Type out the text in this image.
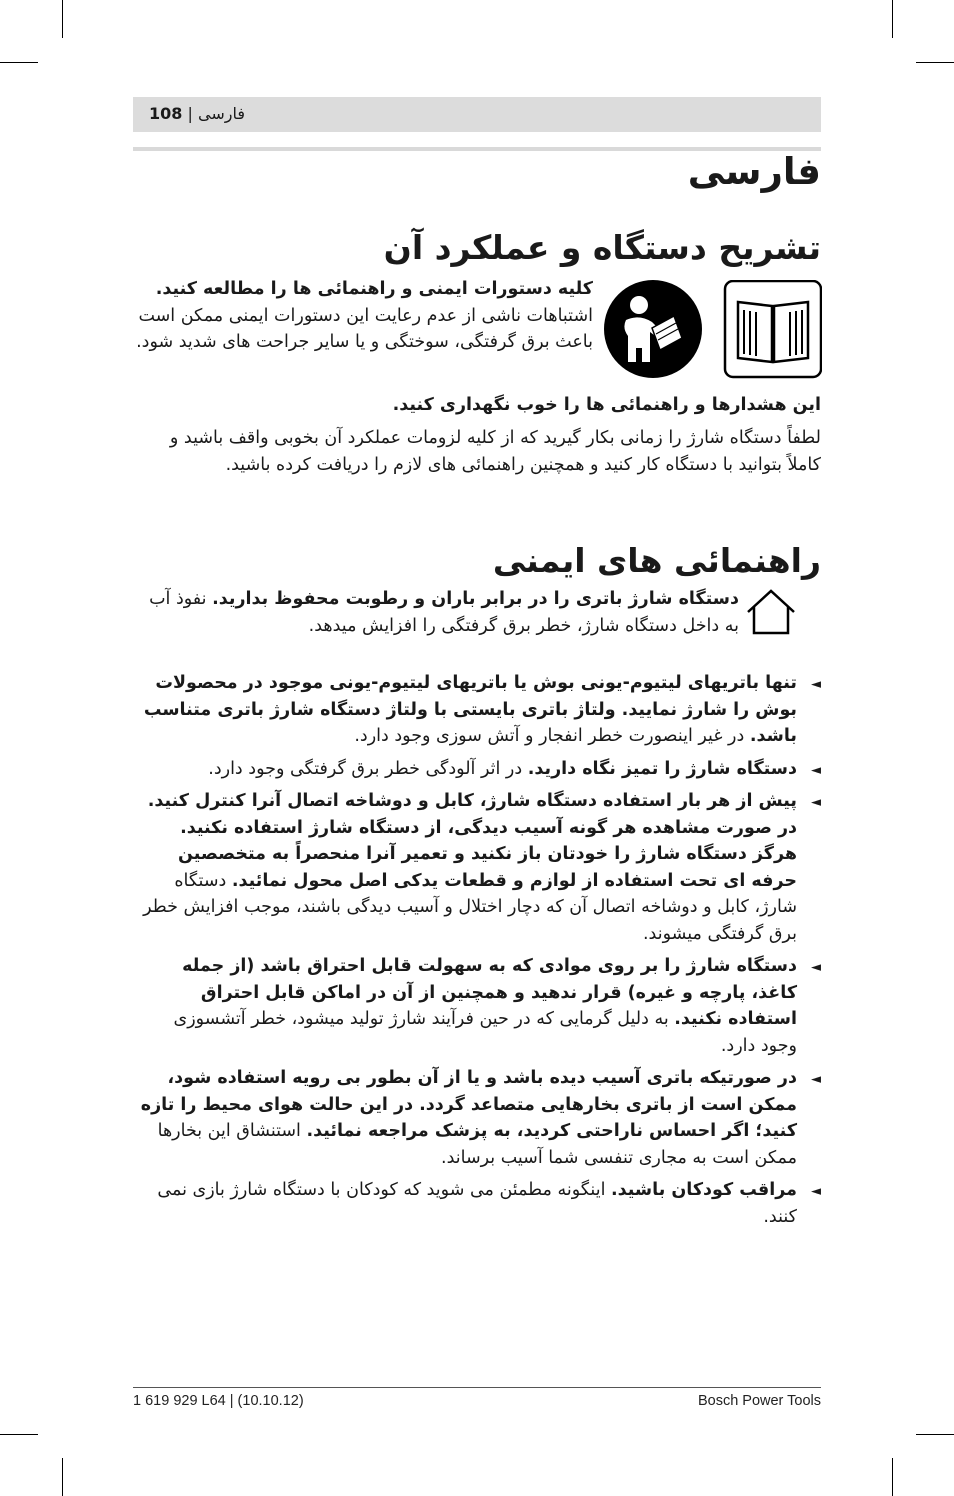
108 | فارسی
فارسی
تشریح دستگاه و عملکرد آن

کلیه دستورات ایمنی و راهنمائی ها را مطالعه کنید. اشتباهات ناشی از عدم رعایت این دستورات ایمنی ممکن است باعث برق گرفتگی، سوختگی و یا سایر جراحت های شدید شود.

این هشدارها و راهنمائی ها را خوب نگهداری کنید.

لطفاً دستگاه شارژ را زمانی بکار گیرید که از کلیه لزومات عملکرد آن بخوبی واقف باشید و کاملاً بتوانید با دستگاه کار کنید و همچنین راهنمائی های لازم را دریافت کرده باشید.

راهنمائی های ایمنی

دستگاه شارژ باتری را در برابر باران و رطوبت محفوظ بدارید. نفوذ آب به داخل دستگاه شارژ، خطر برق گرفتگی را افزایش میدهد.

◄
تنها باتریهای لیتیوم-یونی بوش یا باتریهای لیتیوم-یونی موجود در محصولات بوش را شارژ نمایید. ولتاژ باتری بایستی با ولتاژ دستگاه شارژ باتری متناسب باشد. در غیر اینصورت خطر انفجار و آتش سوزی وجود دارد.
◄
دستگاه شارژ را تمیز نگاه دارید. در اثر آلودگی خطر برق گرفتگی وجود دارد.
◄
پیش از هر بار استفاده دستگاه شارژ، کابل و دوشاخه اتصال آنرا کنترل کنید. در صورت مشاهده هر گونه آسیب دیدگی، از دستگاه شارژ استفاده نکنید. هرگز دستگاه شارژ را خودتان باز نکنید و تعمیر آنرا منحصراً به متخصصین حرفه ای تحت استفاده از لوازم و قطعات یدکی اصل محول نمائید. دستگاه شارژ، کابل و دوشاخه اتصال آن که دچار اختلال و آسیب دیدگی باشند، موجب افزایش خطر برق گرفتگی میشوند.
◄
دستگاه شارژ را بر روی موادی که به سهولت قابل احتراق باشد (از جمله کاغذ، پارچه و غیره) قرار ندهید و همچنین از آن در اماکن قابل احتراق استفاده نکنید. به دلیل گرمایی که در حین فرآیند شارژ تولید میشود، خطر آتشسوزی وجود دارد.
◄
در صورتیکه باتری آسیب دیده باشد و یا از آن بطور بی رویه استفاده شود، ممکن است از باتری بخارهایی متصاعد گردد. در این حالت هوای محیط را تازه کنید؛ اگر احساس ناراحتی کردید، به پزشک مراجعه نمائید. استنشاق این بخارها ممکن است به مجاری تنفسی شما آسیب برساند.
◄
مراقب کودکان باشید. اینگونه مطمئن می شوید که کودکان با دستگاه شارژ بازی نمی کنند.
1 619 929 L64 | (10.10.12)	Bosch Power Tools
